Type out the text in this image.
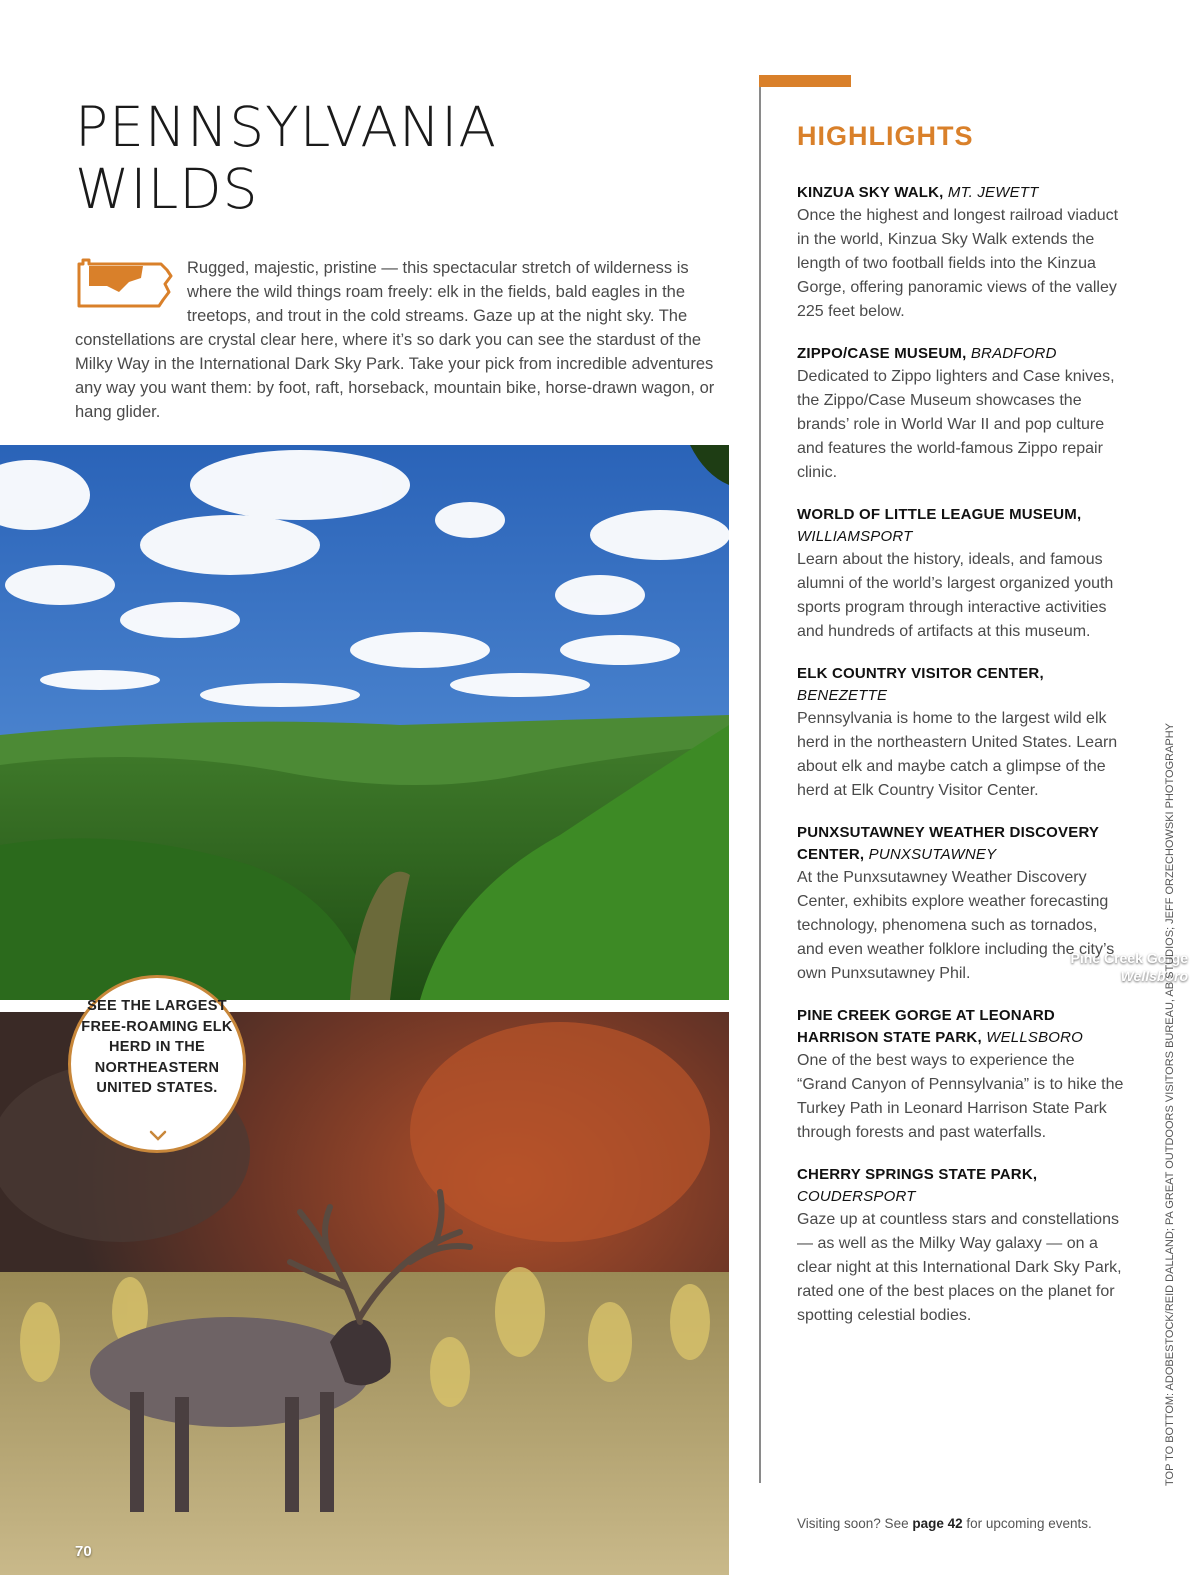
PENNSYLVANIA
WILDS

Rugged, majestic, pristine — this spectacular stretch of wilderness is where the wild things roam freely: elk in the fields, bald eagles in the treetops, and trout in the cold streams. Gaze up at the night sky. The constellations are crystal clear here, where it’s so dark you can see the stardust of the Milky Way in the International Dark Sky Park. Take your pick from incredible adventures any way you want them: by foot, raft, horseback, mountain bike, horse-drawn wagon, or hang glider.

Pine Creek Gorge
Wellsboro
SEE THE LARGEST FREE-ROAMING ELK HERD IN THE NORTHEASTERN UNITED STATES.
70
HIGHLIGHTS
KINZUA SKY WALK, MT. JEWETT
Once the highest and longest railroad viaduct in the world, Kinzua Sky Walk extends the length of two football fields into the Kinzua Gorge, offering panoramic views of the valley 225 feet below.
ZIPPO/CASE MUSEUM, BRADFORD
Dedicated to Zippo lighters and Case knives, the Zippo/Case Museum showcases the brands’ role in World War II and pop culture and features the world-famous Zippo repair clinic.
WORLD OF LITTLE LEAGUE MUSEUM, WILLIAMSPORT
Learn about the history, ideals, and famous alumni of the world’s largest organized youth sports program through interactive activities and hundreds of artifacts at this museum.
ELK COUNTRY VISITOR CENTER, BENEZETTE
Pennsylvania is home to the largest wild elk herd in the northeastern United States. Learn about elk and maybe catch a glimpse of the herd at Elk Country Visitor Center.
PUNXSUTAWNEY WEATHER DISCOVERY CENTER, PUNXSUTAWNEY
At the Punxsutawney Weather Discovery Center, exhibits explore weather forecasting technology, phenomena such as tornados, and even weather folklore including the city’s own Punxsutawney Phil.
PINE CREEK GORGE AT LEONARD HARRISON STATE PARK, WELLSBORO
One of the best ways to experience the “Grand Canyon of Pennsylvania” is to hike the Turkey Path in Leonard Harrison State Park through forests and past waterfalls.
CHERRY SPRINGS STATE PARK, COUDERSPORT
Gaze up at countless stars and constellations — as well as the Milky Way galaxy — on a clear night at this International Dark Sky Park, rated one of the best places on the planet for spotting celestial bodies.
Visiting soon? See page 42 for upcoming events.
TOP TO BOTTOM: ADOBESTOCK/REID DALLAND; PA GREAT OUTDOORS VISITORS BUREAU, AB STUDIOS; JEFF ORZECHOWSKI PHOTOGRAPHY
